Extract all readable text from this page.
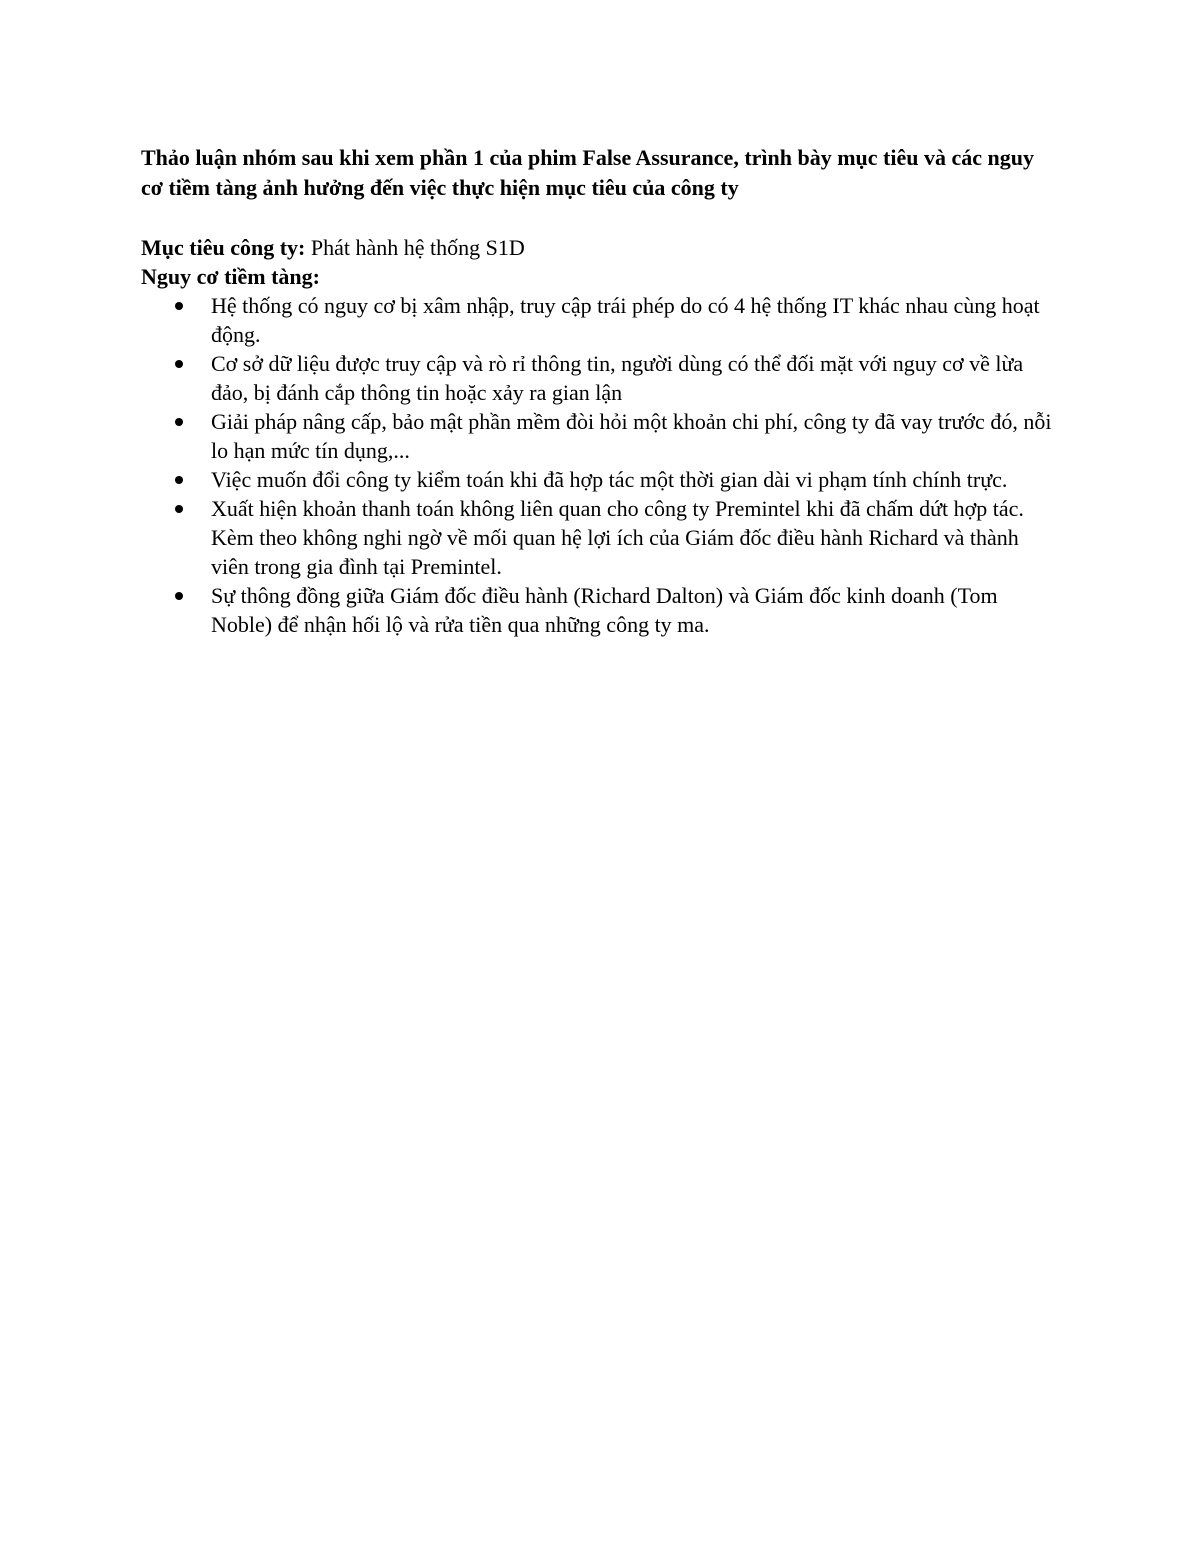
Thảo luận nhóm sau khi xem phần 1 của phim False Assurance, trình bày mục tiêu và các nguy cơ tiềm tàng ảnh hưởng đến việc thực hiện mục tiêu của công ty

Mục tiêu công ty: Phát hành hệ thống S1D

Nguy cơ tiềm tàng:

Hệ thống có nguy cơ bị xâm nhập, truy cập trái phép do có 4 hệ thống IT khác nhau cùng hoạt động.
Cơ sở dữ liệu được truy cập và rò rỉ thông tin, người dùng có thể đối mặt với nguy cơ về lừa đảo, bị đánh cắp thông tin hoặc xảy ra gian lận
Giải pháp nâng cấp, bảo mật phần mềm đòi hỏi một khoản chi phí, công ty đã vay trước đó, nỗi lo hạn mức tín dụng,...
Việc muốn đổi công ty kiểm toán khi đã hợp tác một thời gian dài vi phạm tính chính trực.
Xuất hiện khoản thanh toán không liên quan cho công ty Premintel khi đã chấm dứt hợp tác. Kèm theo không nghi ngờ về mối quan hệ lợi ích của Giám đốc điều hành Richard và thành viên trong gia đình tại Premintel.
Sự thông đồng giữa Giám đốc điều hành (Richard Dalton) và Giám đốc kinh doanh (Tom Noble) để nhận hối lộ và rửa tiền qua những công ty ma.
